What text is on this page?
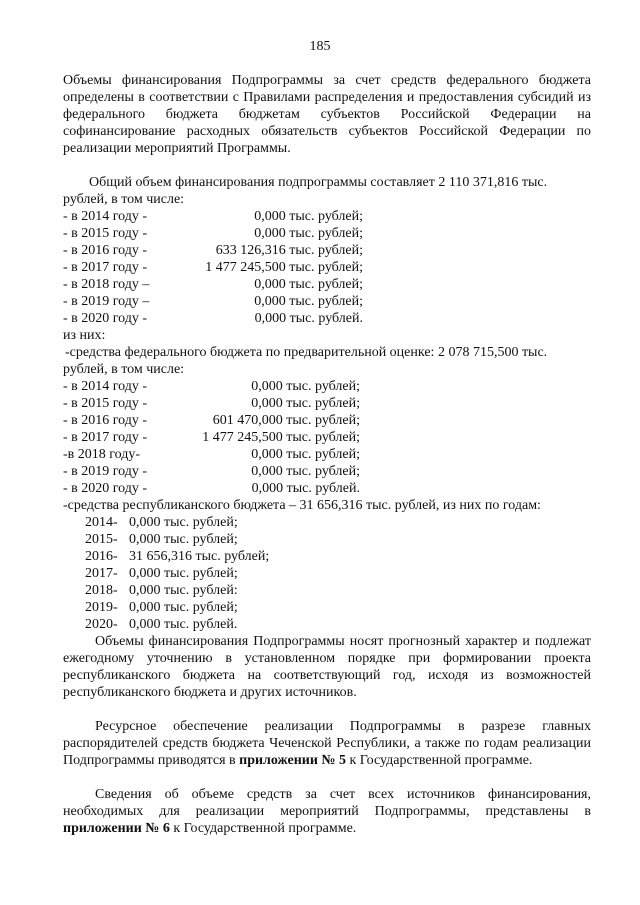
185
Объемы финансирования Подпрограммы за счет средств федерального бюджета определены в соответствии с Правилами распределения и предоставления субсидий из федерального бюджета бюджетам субъектов Российской Федерации на софинансирование расходных обязательств субъектов Российской Федерации по реализации мероприятий Программы.
Общий объем финансирования подпрограммы составляет 2 110 371,816 тыс.
рублей, в том числе:
- в 2014 году -	0,000 тыс. рублей;
- в 2015 году -	0,000 тыс. рублей;
- в 2016 году -	633 126,316 тыс. рублей;
- в 2017 году -	1 477 245,500 тыс. рублей;
- в 2018 году –	0,000 тыс. рублей;
- в 2019 году –	0,000 тыс. рублей;
- в 2020 году -	0,000 тыс. рублей.
из них:
-средства федерального бюджета по предварительной оценке: 2 078 715,500 тыс.
рублей, в том числе:
- в 2014 году -	0,000 тыс. рублей;
- в 2015 году -	0,000 тыс. рублей;
- в 2016 году -	601 470,000 тыс. рублей;
- в 2017 году -	1 477 245,500 тыс. рублей;
-в 2018 году-	0,000 тыс. рублей;
- в 2019 году -	0,000 тыс. рублей;
- в 2020 году -	0,000 тыс. рублей.
-средства республиканского бюджета – 31 656,316 тыс. рублей, из них по годам:
2014- 0,000 тыс. рублей;
2015- 0,000 тыс. рублей;
2016- 31 656,316 тыс. рублей;
2017- 0,000 тыс. рублей;
2018- 0,000 тыс. рублей:
2019- 0,000 тыс. рублей;
2020- 0,000 тыс. рублей.
Объемы финансирования Подпрограммы носят прогнозный характер и подлежат ежегодному уточнению в установленном порядке при формировании проекта республиканского бюджета на соответствующий год, исходя из возможностей республиканского бюджета и других источников.
Ресурсное обеспечение реализации Подпрограммы в разрезе главных распорядителей средств бюджета Чеченской Республики, а также по годам реализации Подпрограммы приводятся в приложении № 5 к Государственной программе.
Сведения об объеме средств за счет всех источников финансирования, необходимых для реализации мероприятий Подпрограммы, представлены в приложении № 6 к Государственной программе.
